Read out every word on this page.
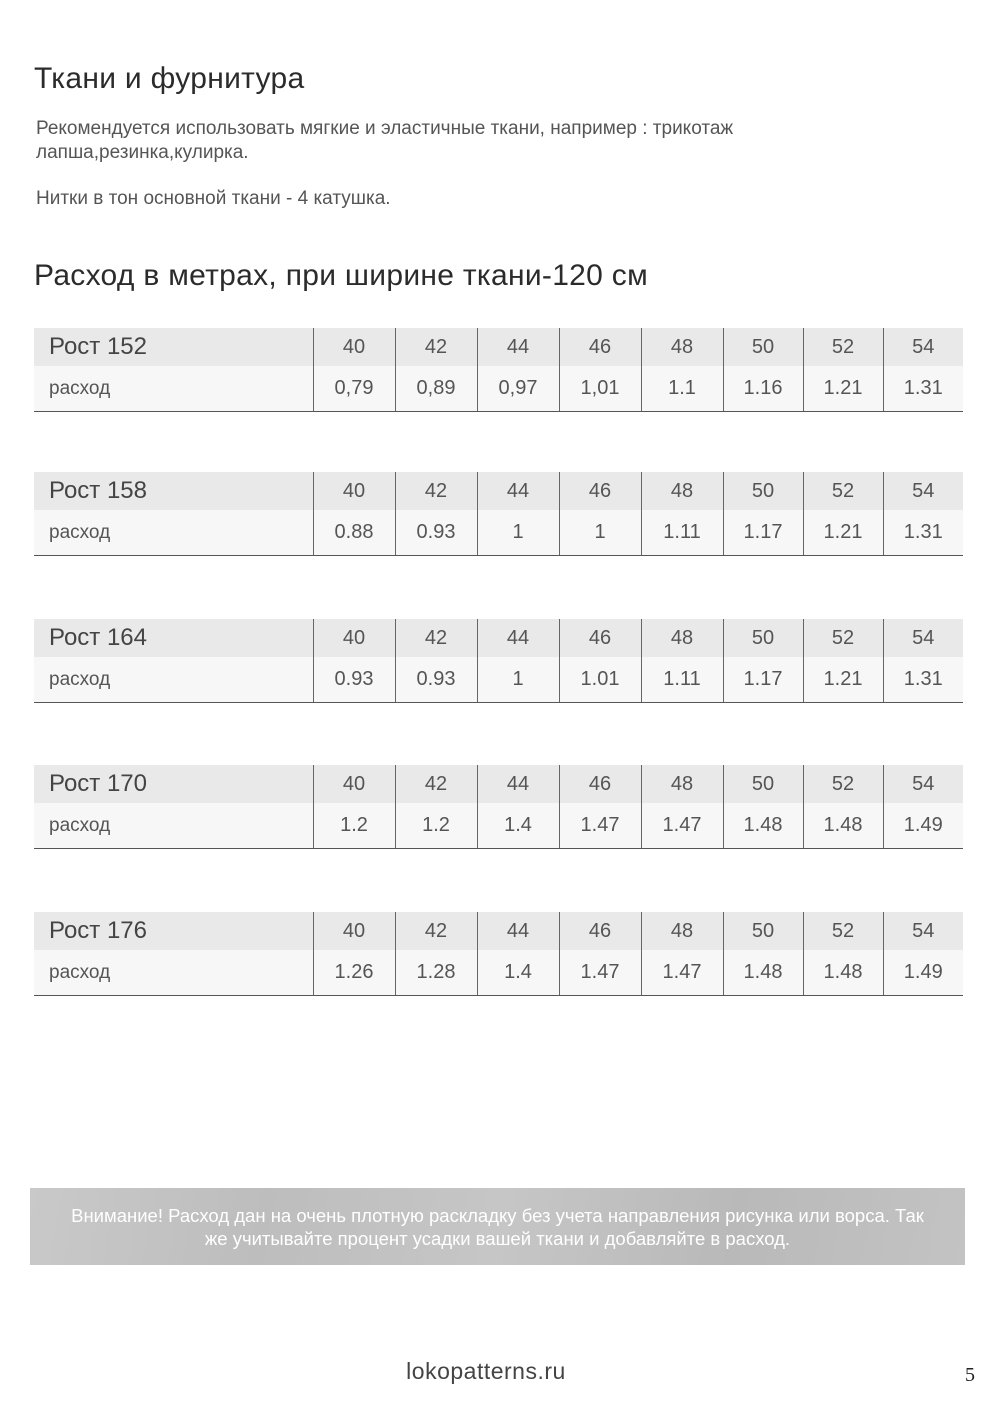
Ткани и фурнитура
Рекомендуется использовать мягкие и эластичные ткани, например : трикотаж лапша,резинка,кулирка.
Нитки в тон основной ткани - 4 катушка.
Расход в метрах, при ширине ткани-120 см
Рост 152	40	42	44	46	48	50	52	54
расход	0,79	0,89	0,97	1,01	1.1	1.16	1.21	1.31
Рост 158	40	42	44	46	48	50	52	54
расход	0.88	0.93	1	1	1.11	1.17	1.21	1.31
Рост 164	40	42	44	46	48	50	52	54
расход	0.93	0.93	1	1.01	1.11	1.17	1.21	1.31
Рост 170	40	42	44	46	48	50	52	54
расход	1.2	1.2	1.4	1.47	1.47	1.48	1.48	1.49
Рост 176	40	42	44	46	48	50	52	54
расход	1.26	1.28	1.4	1.47	1.47	1.48	1.48	1.49
Внимание! Расход дан на очень плотную раскладку без учета направления рисунка или ворса. Так же учитывайте процент усадки вашей ткани и добавляйте в расход.
lokopatterns.ru	5
